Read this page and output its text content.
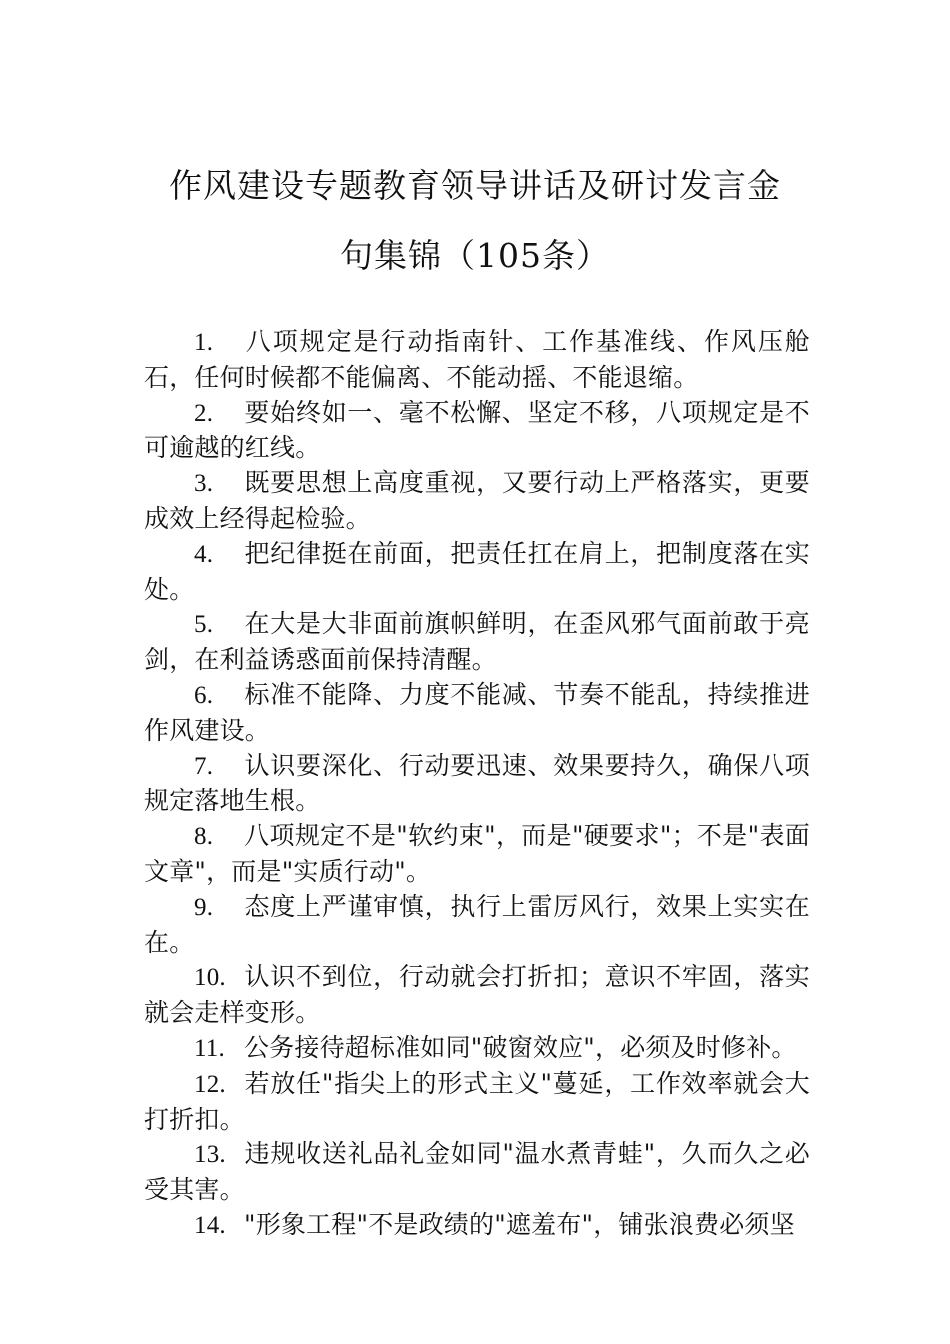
作风建设专题教育领导讲话及研讨发言金
句集锦（105条）
1. 八项规定是行动指南针、工作基准线、作风压舱石，任何时候都不能偏离、不能动摇、不能退缩。
2. 要始终如一、毫不松懈、坚定不移，八项规定是不可逾越的红线。
3. 既要思想上高度重视，又要行动上严格落实，更要成效上经得起检验。
4. 把纪律挺在前面，把责任扛在肩上，把制度落在实处。
5. 在大是大非面前旗帜鲜明，在歪风邪气面前敢于亮剑，在利益诱惑面前保持清醒。
6. 标准不能降、力度不能减、节奏不能乱，持续推进作风建设。
7. 认识要深化、行动要迅速、效果要持久，确保八项规定落地生根。
8. 八项规定不是"软约束"，而是"硬要求"；不是"表面文章"，而是"实质行动"。
9. 态度上严谨审慎，执行上雷厉风行，效果上实实在在。
10. 认识不到位，行动就会打折扣；意识不牢固，落实就会走样变形。
11. 公务接待超标准如同"破窗效应"，必须及时修补。
12. 若放任"指尖上的形式主义"蔓延，工作效率就会大打折扣。
13. 违规收送礼品礼金如同"温水煮青蛙"，久而久之必受其害。
14. "形象工程"不是政绩的"遮羞布"，铺张浪费必须坚
